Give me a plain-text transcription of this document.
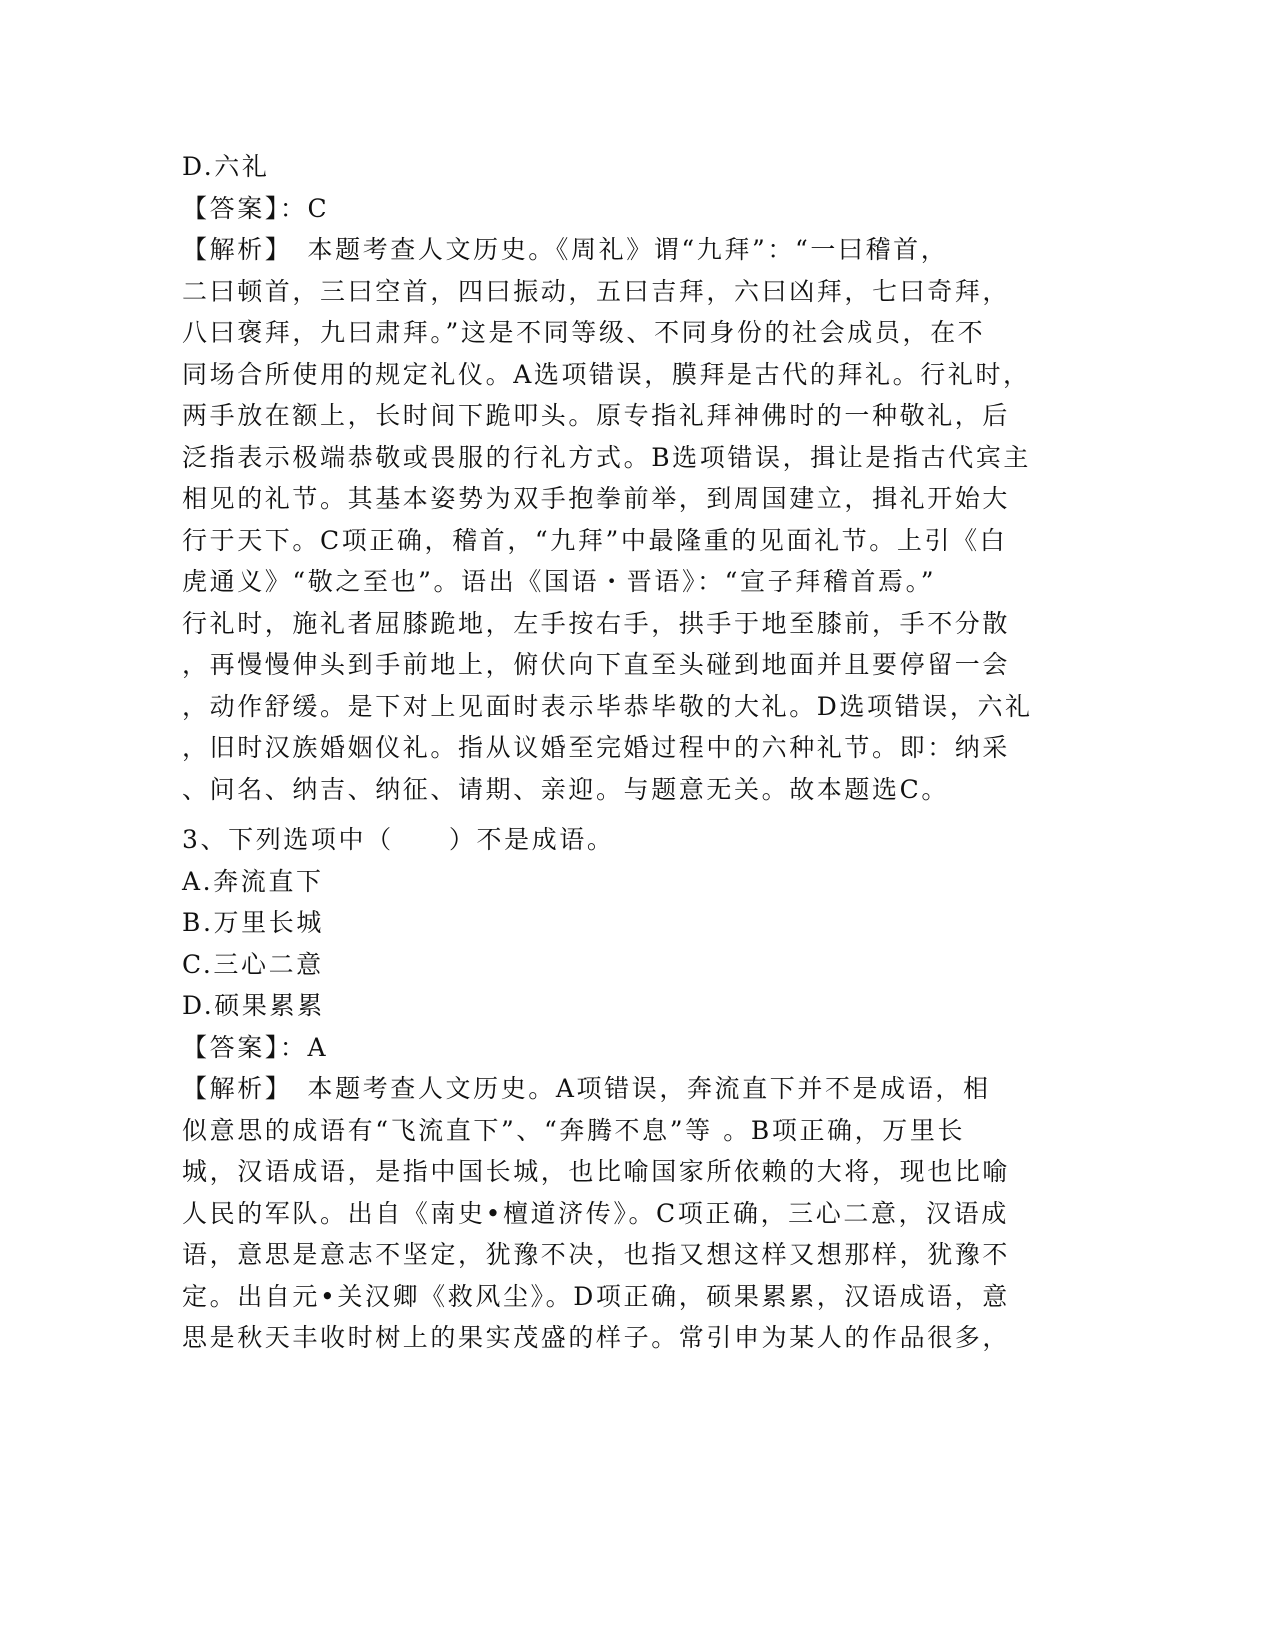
D.六礼
【答案】：C
【解析】　本题考查人文历史。《周礼》谓“九拜”：“一曰稽首，
二曰顿首，三曰空首，四曰振动，五曰吉拜，六曰凶拜，七曰奇拜，
八曰褒拜，九曰肃拜。”这是不同等级、不同身份的社会成员，在不
同场合所使用的规定礼仪。A选项错误，膜拜是古代的拜礼。行礼时，
两手放在额上，长时间下跪叩头。原专指礼拜神佛时的一种敬礼，后
泛指表示极端恭敬或畏服的行礼方式。B选项错误，揖让是指古代宾主
相见的礼节。其基本姿势为双手抱拳前举，到周国建立，揖礼开始大
行于天下。C项正确，稽首，“九拜”中最隆重的见面礼节。上引《白
虎通义》“敬之至也”。语出《国语・晋语》：“宣子拜稽首焉。”
行礼时，施礼者屈膝跪地，左手按右手，拱手于地至膝前，手不分散
，再慢慢伸头到手前地上，俯伏向下直至头碰到地面并且要停留一会
，动作舒缓。是下对上见面时表示毕恭毕敬的大礼。D选项错误，六礼
，旧时汉族婚姻仪礼。指从议婚至完婚过程中的六种礼节。即：纳采
、问名、纳吉、纳征、请期、亲迎。与题意无关。故本题选C。
3、下列选项中（　　）不是成语。
A.奔流直下
B.万里长城
C.三心二意
D.硕果累累
【答案】：A
【解析】　本题考查人文历史。A项错误，奔流直下并不是成语，相
似意思的成语有“飞流直下”、“奔腾不息”等 。B项正确，万里长
城，汉语成语，是指中国长城，也比喻国家所依赖的大将，现也比喻
人民的军队。出自《南史•檀道济传》。C项正确，三心二意，汉语成
语，意思是意志不坚定，犹豫不决，也指又想这样又想那样，犹豫不
定。出自元•关汉卿《救风尘》。D项正确，硕果累累，汉语成语，意
思是秋天丰收时树上的果实茂盛的样子。常引申为某人的作品很多，
